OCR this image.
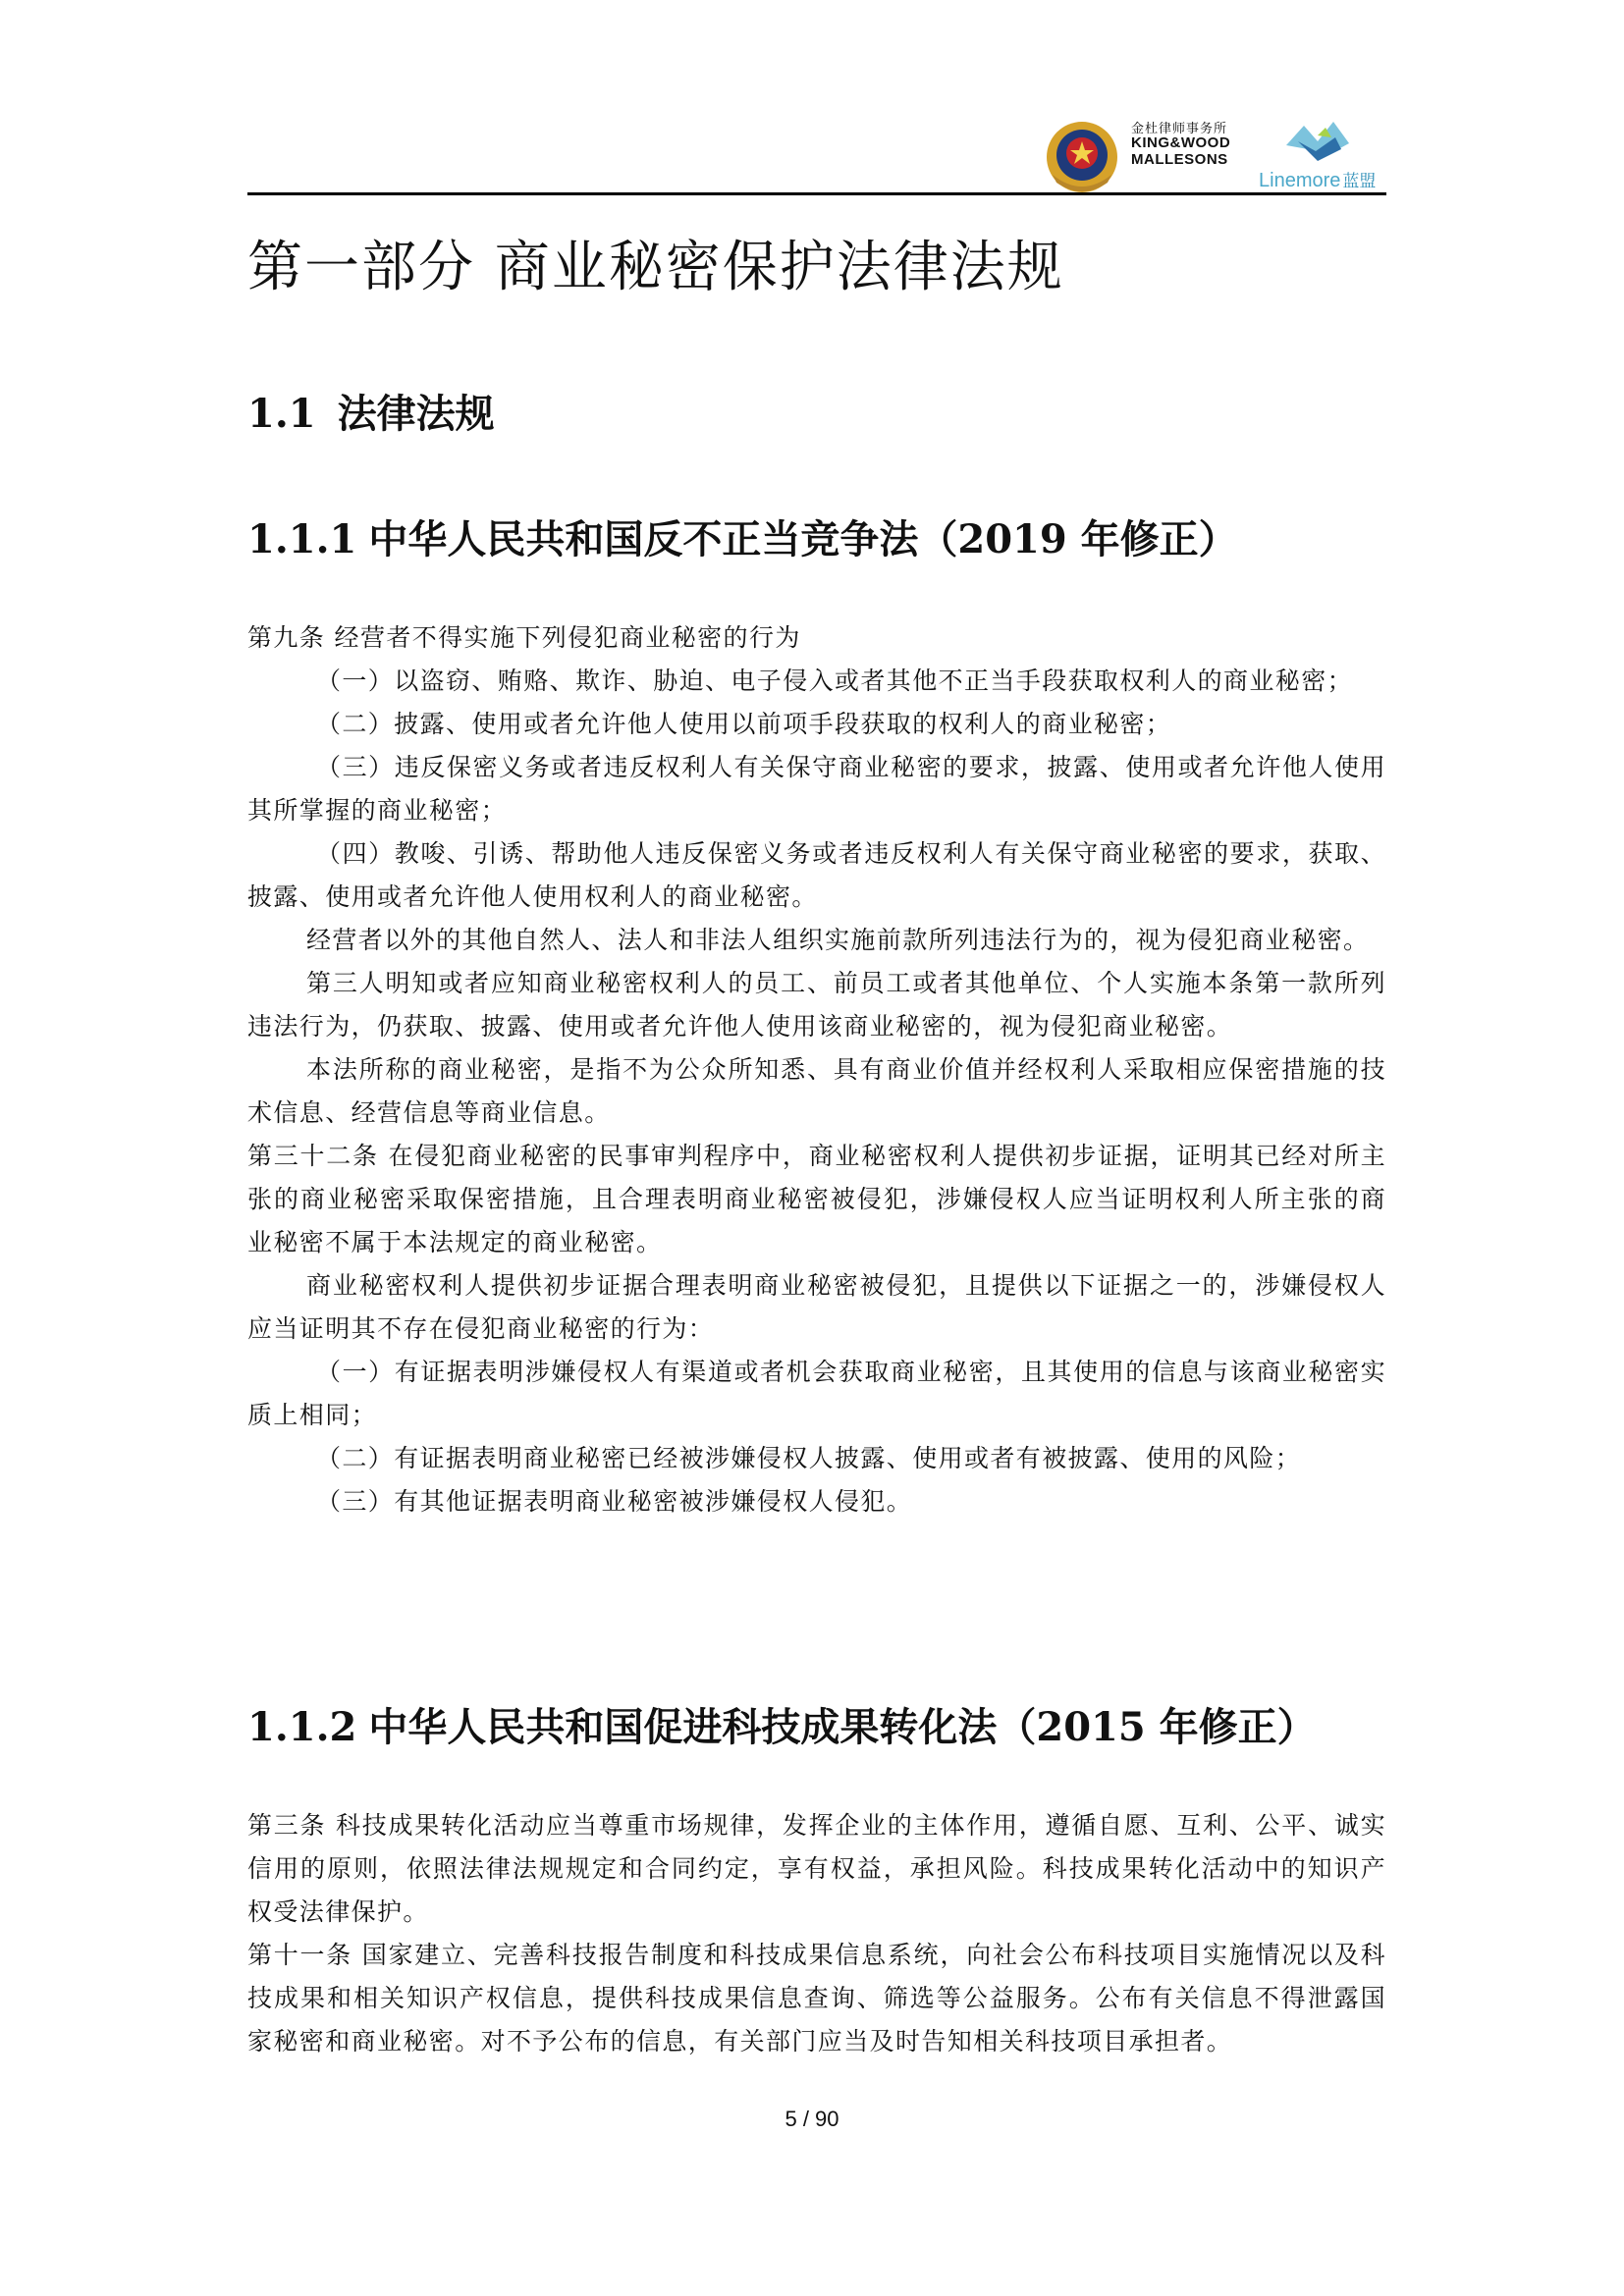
金杜律师事务所
KING&WOOD
MALLESONS
Linemore 蓝盟
第一部分 商业秘密保护法律法规
1.1 法律法规
1.1.1 中华人民共和国反不正当竞争法（2019 年修正）

第九条 经营者不得实施下列侵犯商业秘密的行为

（一）以盗窃、贿赂、欺诈、胁迫、电子侵入或者其他不正当手段获取权利人的商业秘密；

（二）披露、使用或者允许他人使用以前项手段获取的权利人的商业秘密；

（三）违反保密义务或者违反权利人有关保守商业秘密的要求，披露、使用或者允许他人使用其所掌握的商业秘密；

（四）教唆、引诱、帮助他人违反保密义务或者违反权利人有关保守商业秘密的要求，获取、披露、使用或者允许他人使用权利人的商业秘密。

经营者以外的其他自然人、法人和非法人组织实施前款所列违法行为的，视为侵犯商业秘密。

第三人明知或者应知商业秘密权利人的员工、前员工或者其他单位、个人实施本条第一款所列违法行为，仍获取、披露、使用或者允许他人使用该商业秘密的，视为侵犯商业秘密。

本法所称的商业秘密，是指不为公众所知悉、具有商业价值并经权利人采取相应保密措施的技术信息、经营信息等商业信息。

第三十二条 在侵犯商业秘密的民事审判程序中，商业秘密权利人提供初步证据，证明其已经对所主张的商业秘密采取保密措施，且合理表明商业秘密被侵犯，涉嫌侵权人应当证明权利人所主张的商业秘密不属于本法规定的商业秘密。

商业秘密权利人提供初步证据合理表明商业秘密被侵犯，且提供以下证据之一的，涉嫌侵权人应当证明其不存在侵犯商业秘密的行为：

（一）有证据表明涉嫌侵权人有渠道或者机会获取商业秘密，且其使用的信息与该商业秘密实质上相同；

（二）有证据表明商业秘密已经被涉嫌侵权人披露、使用或者有被披露、使用的风险；

（三）有其他证据表明商业秘密被涉嫌侵权人侵犯。

1.1.2 中华人民共和国促进科技成果转化法（2015 年修正）

第三条 科技成果转化活动应当尊重市场规律，发挥企业的主体作用，遵循自愿、互利、公平、诚实信用的原则，依照法律法规规定和合同约定，享有权益，承担风险。科技成果转化活动中的知识产权受法律保护。

第十一条 国家建立、完善科技报告制度和科技成果信息系统，向社会公布科技项目实施情况以及科技成果和相关知识产权信息，提供科技成果信息查询、筛选等公益服务。公布有关信息不得泄露国家秘密和商业秘密。对不予公布的信息，有关部门应当及时告知相关科技项目承担者。

5 / 90
